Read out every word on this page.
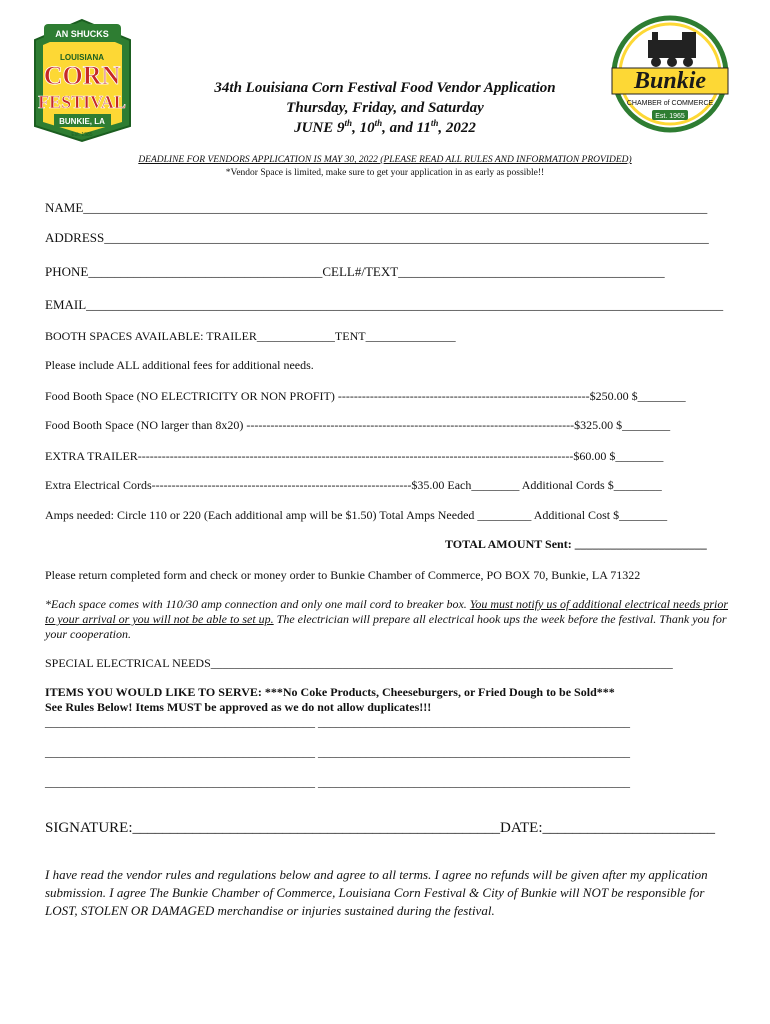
AN SHUCKS
LOUISIANA
CORN
FESTIVAL
BUNKIE, LA
Est. 1985
Bunkie
CHAMBER of COMMERCE
Est. 1965
34th Louisiana Corn Festival Food Vendor Application
Thursday, Friday, and Saturday
JUNE 9th, 10th, and 11th, 2022
DEADLINE FOR VENDORS APPLICATION IS MAY 30, 2022 (PLEASE READ ALL RULES AND INFORMATION PROVIDED)
*Vendor Space is limited, make sure to get your application in as early as possible!!
NAME________________________________________________________________________________________________
ADDRESS_____________________________________________________________________________________________
PHONE____________________________________CELL#/TEXT_________________________________________
EMAIL__________________________________________________________________________________________________
BOOTH SPACES AVAILABLE: TRAILER_____________TENT_______________
Please include ALL additional fees for additional needs.
Food Booth Space (NO ELECTRICITY OR NON PROFIT) ---------------------------------------------------------------$250.00 $________
Food Booth Space (NO larger than 8x20) ----------------------------------------------------------------------------------$325.00 $________
EXTRA TRAILER-------------------------------------------------------------------------------------------------------------$60.00 $________
Extra Electrical Cords-----------------------------------------------------------------$35.00 Each________ Additional Cords $________
Amps needed: Circle 110 or 220 (Each additional amp will be $1.50) Total Amps Needed _________ Additional Cost $________
TOTAL AMOUNT Sent: ______________________
Please return completed form and check or money order to Bunkie Chamber of Commerce, PO BOX 70, Bunkie, LA 71322
*Each space comes with 110/30 amp connection and only one mail cord to breaker box. You must notify us of additional electrical needs prior to your arrival or you will not be able to set up. The electrician will prepare all electrical hook ups the week before the festival. Thank you for your cooperation.
SPECIAL ELECTRICAL NEEDS_____________________________________________________________________________
ITEMS YOU WOULD LIKE TO SERVE: ***No Coke Products, Cheeseburgers, or Fried Dough to be Sold***
See Rules Below! Items MUST be approved as we do not allow duplicates!!!
_____________________________________________ ____________________________________________________
_____________________________________________ ____________________________________________________
_____________________________________________ ____________________________________________________
SIGNATURE:_________________________________________________DATE:_______________________
I have read the vendor rules and regulations below and agree to all terms. I agree no refunds will be given after my application submission. I agree The Bunkie Chamber of Commerce, Louisiana Corn Festival & City of Bunkie will NOT be responsible for LOST, STOLEN OR DAMAGED merchandise or injuries sustained during the festival.
